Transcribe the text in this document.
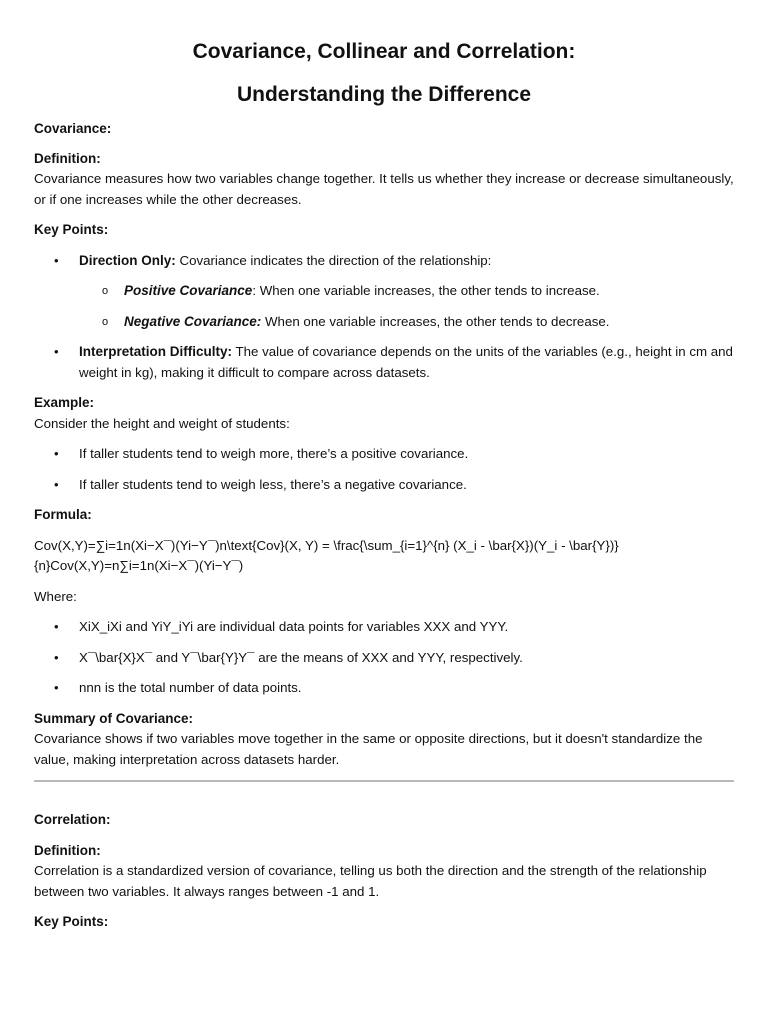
Covariance, Collinear and Correlation:
Understanding the Difference
Covariance:
Definition:

Covariance measures how two variables change together. It tells us whether they increase or decrease simultaneously, or if one increases while the other decreases.

Key Points:
• Direction Only: Covariance indicates the direction of the relationship:
o Positive Covariance: When one variable increases, the other tends to increase.
o Negative Covariance: When one variable increases, the other tends to decrease.
• Interpretation Difficulty: The value of covariance depends on the units of the variables (e.g., height in cm and weight in kg), making it difficult to compare across datasets.
Example:

Consider the height and weight of students:

• If taller students tend to weigh more, there’s a positive covariance.
• If taller students tend to weigh less, there’s a negative covariance.
Formula:

Cov(X,Y)=∑i=1n(Xi−X¯)(Yi−Y¯)n\text{Cov}(X, Y) = \frac{\sum_{i=1}^{n} (X_i - \bar{X})(Y_i - \bar{Y})}{n}Cov(X,Y)=n∑i=1n(Xi−X¯)(Yi−Y¯)

Where:

• XiX_iXi and YiY_iYi are individual data points for variables XXX and YYY.
• X¯\bar{X}X¯ and Y¯\bar{Y}Y¯ are the means of XXX and YYY, respectively.
• nnn is the total number of data points.
Summary of Covariance:

Covariance shows if two variables move together in the same or opposite directions, but it doesn't standardize the value, making interpretation across datasets harder.

Correlation:
Definition:

Correlation is a standardized version of covariance, telling us both the direction and the strength of the relationship between two variables. It always ranges between -1 and 1.

Key Points:
